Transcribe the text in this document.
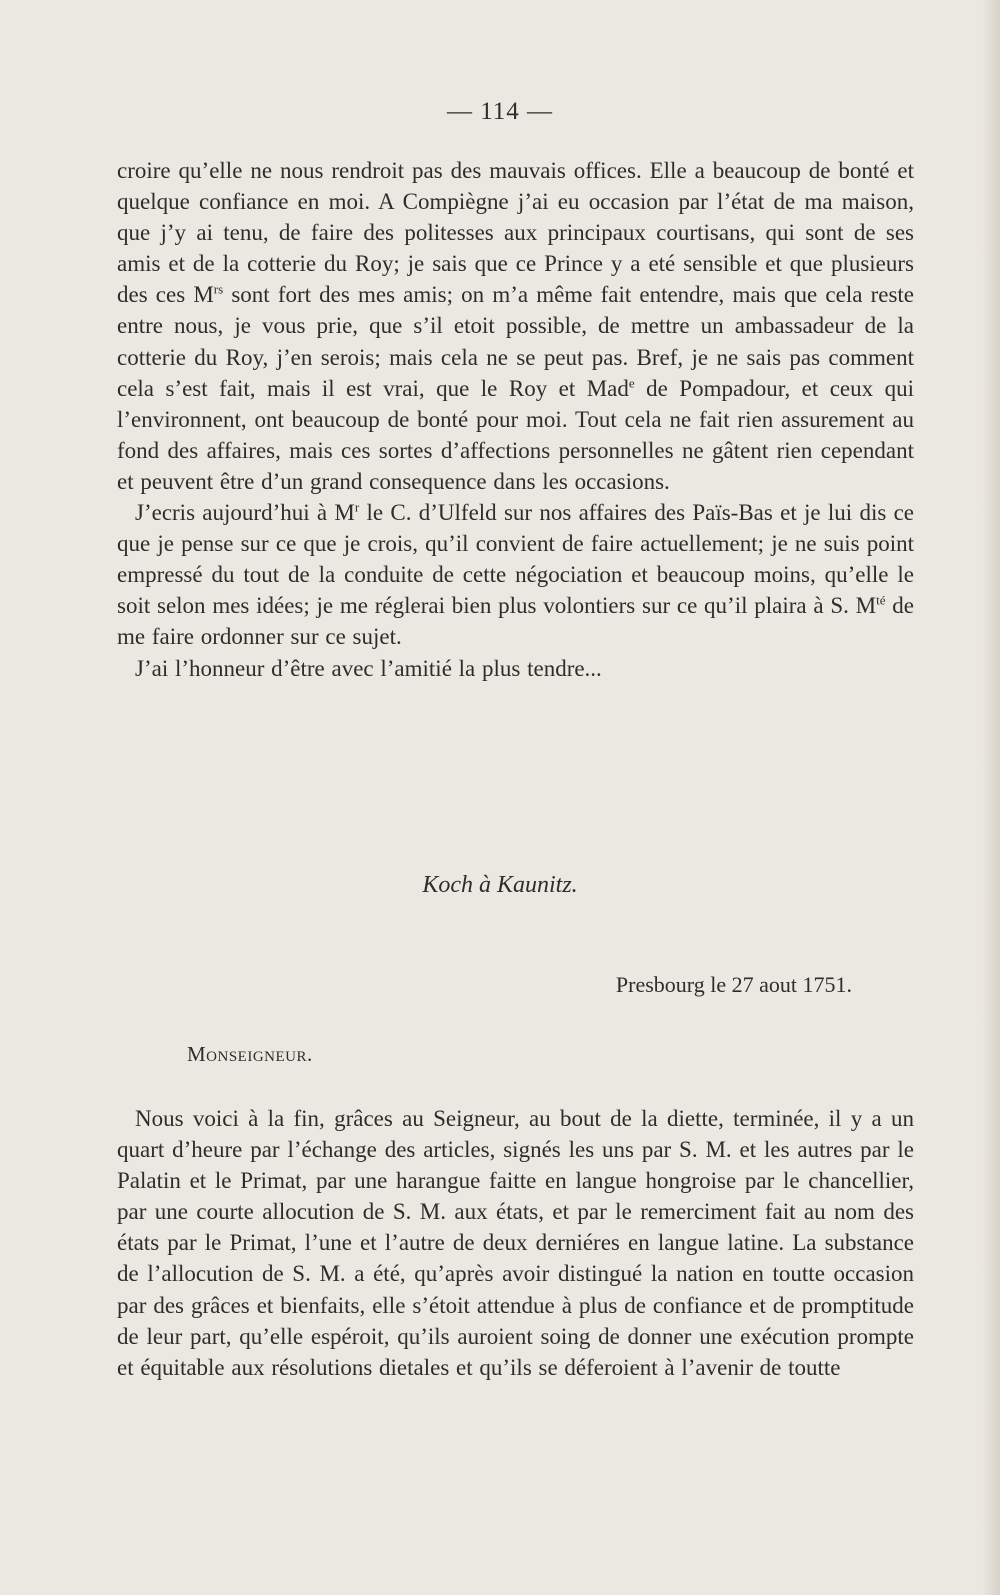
— 114 —

croire qu’elle ne nous rendroit pas des mauvais offices. Elle a beaucoup de bonté et quelque confiance en moi. A Compiègne j’ai eu occasion par l’état de ma maison, que j’y ai tenu, de faire des politesses aux principaux courtisans, qui sont de ses amis et de la cotterie du Roy; je sais que ce Prince y a eté sensible et que plusieurs des ces $M^{rs}$ sont fort des mes amis; on m’a même fait entendre, mais que cela reste entre nous, je vous prie, que s’il etoit possible, de mettre un ambassadeur de la cotterie du Roy, j’en serois; mais cela ne se peut pas. Bref, je ne sais pas comment cela s’est fait, mais il est vrai, que le Roy et Mad$^e$ de Pompadour, et ceux qui l’environnent, ont beaucoup de bonté pour moi. Tout cela ne fait rien assurement au fond des affaires, mais ces sortes d’affections personnelles ne gâtent rien cependant et peuvent être d’un grand consequence dans les occasions.

J’ecris aujourd’hui à $M^r$ le C. d’Ulfeld sur nos affaires des Païs-Bas et je lui dis ce que je pense sur ce que je crois, qu’il convient de faire actuellement; je ne suis point empressé du tout de la conduite de cette négociation et beaucoup moins, qu’elle le soit selon mes idées; je me réglerai bien plus volontiers sur ce qu’il plaira à S. $M^{té}$ de me faire ordonner sur ce sujet.

J’ai l’honneur d’être avec l’amitié la plus tendre...

Koch à Kaunitz.
Presbourg le 27 aout 1751.
Monseigneur.

Nous voici à la fin, grâces au Seigneur, au bout de la diette, terminée, il y a un quart d’heure par l’échange des articles, signés les uns par S. M. et les autres par le Palatin et le Primat, par une harangue faitte en langue hongroise par le chancellier, par une courte allocution de S. M. aux états, et par le remerciment fait au nom des états par le Primat, l’une et l’autre de deux derniéres en langue latine. La substance de l’allocution de S. M. a été, qu’après avoir distingué la nation en toutte occasion par des grâces et bienfaits, elle s’étoit attendue à plus de confiance et de promptitude de leur part, qu’elle espéroit, qu’ils auroient soing de donner une exécution prompte et équitable aux résolutions dietales et qu’ils se déferoient à l’avenir de toutte
